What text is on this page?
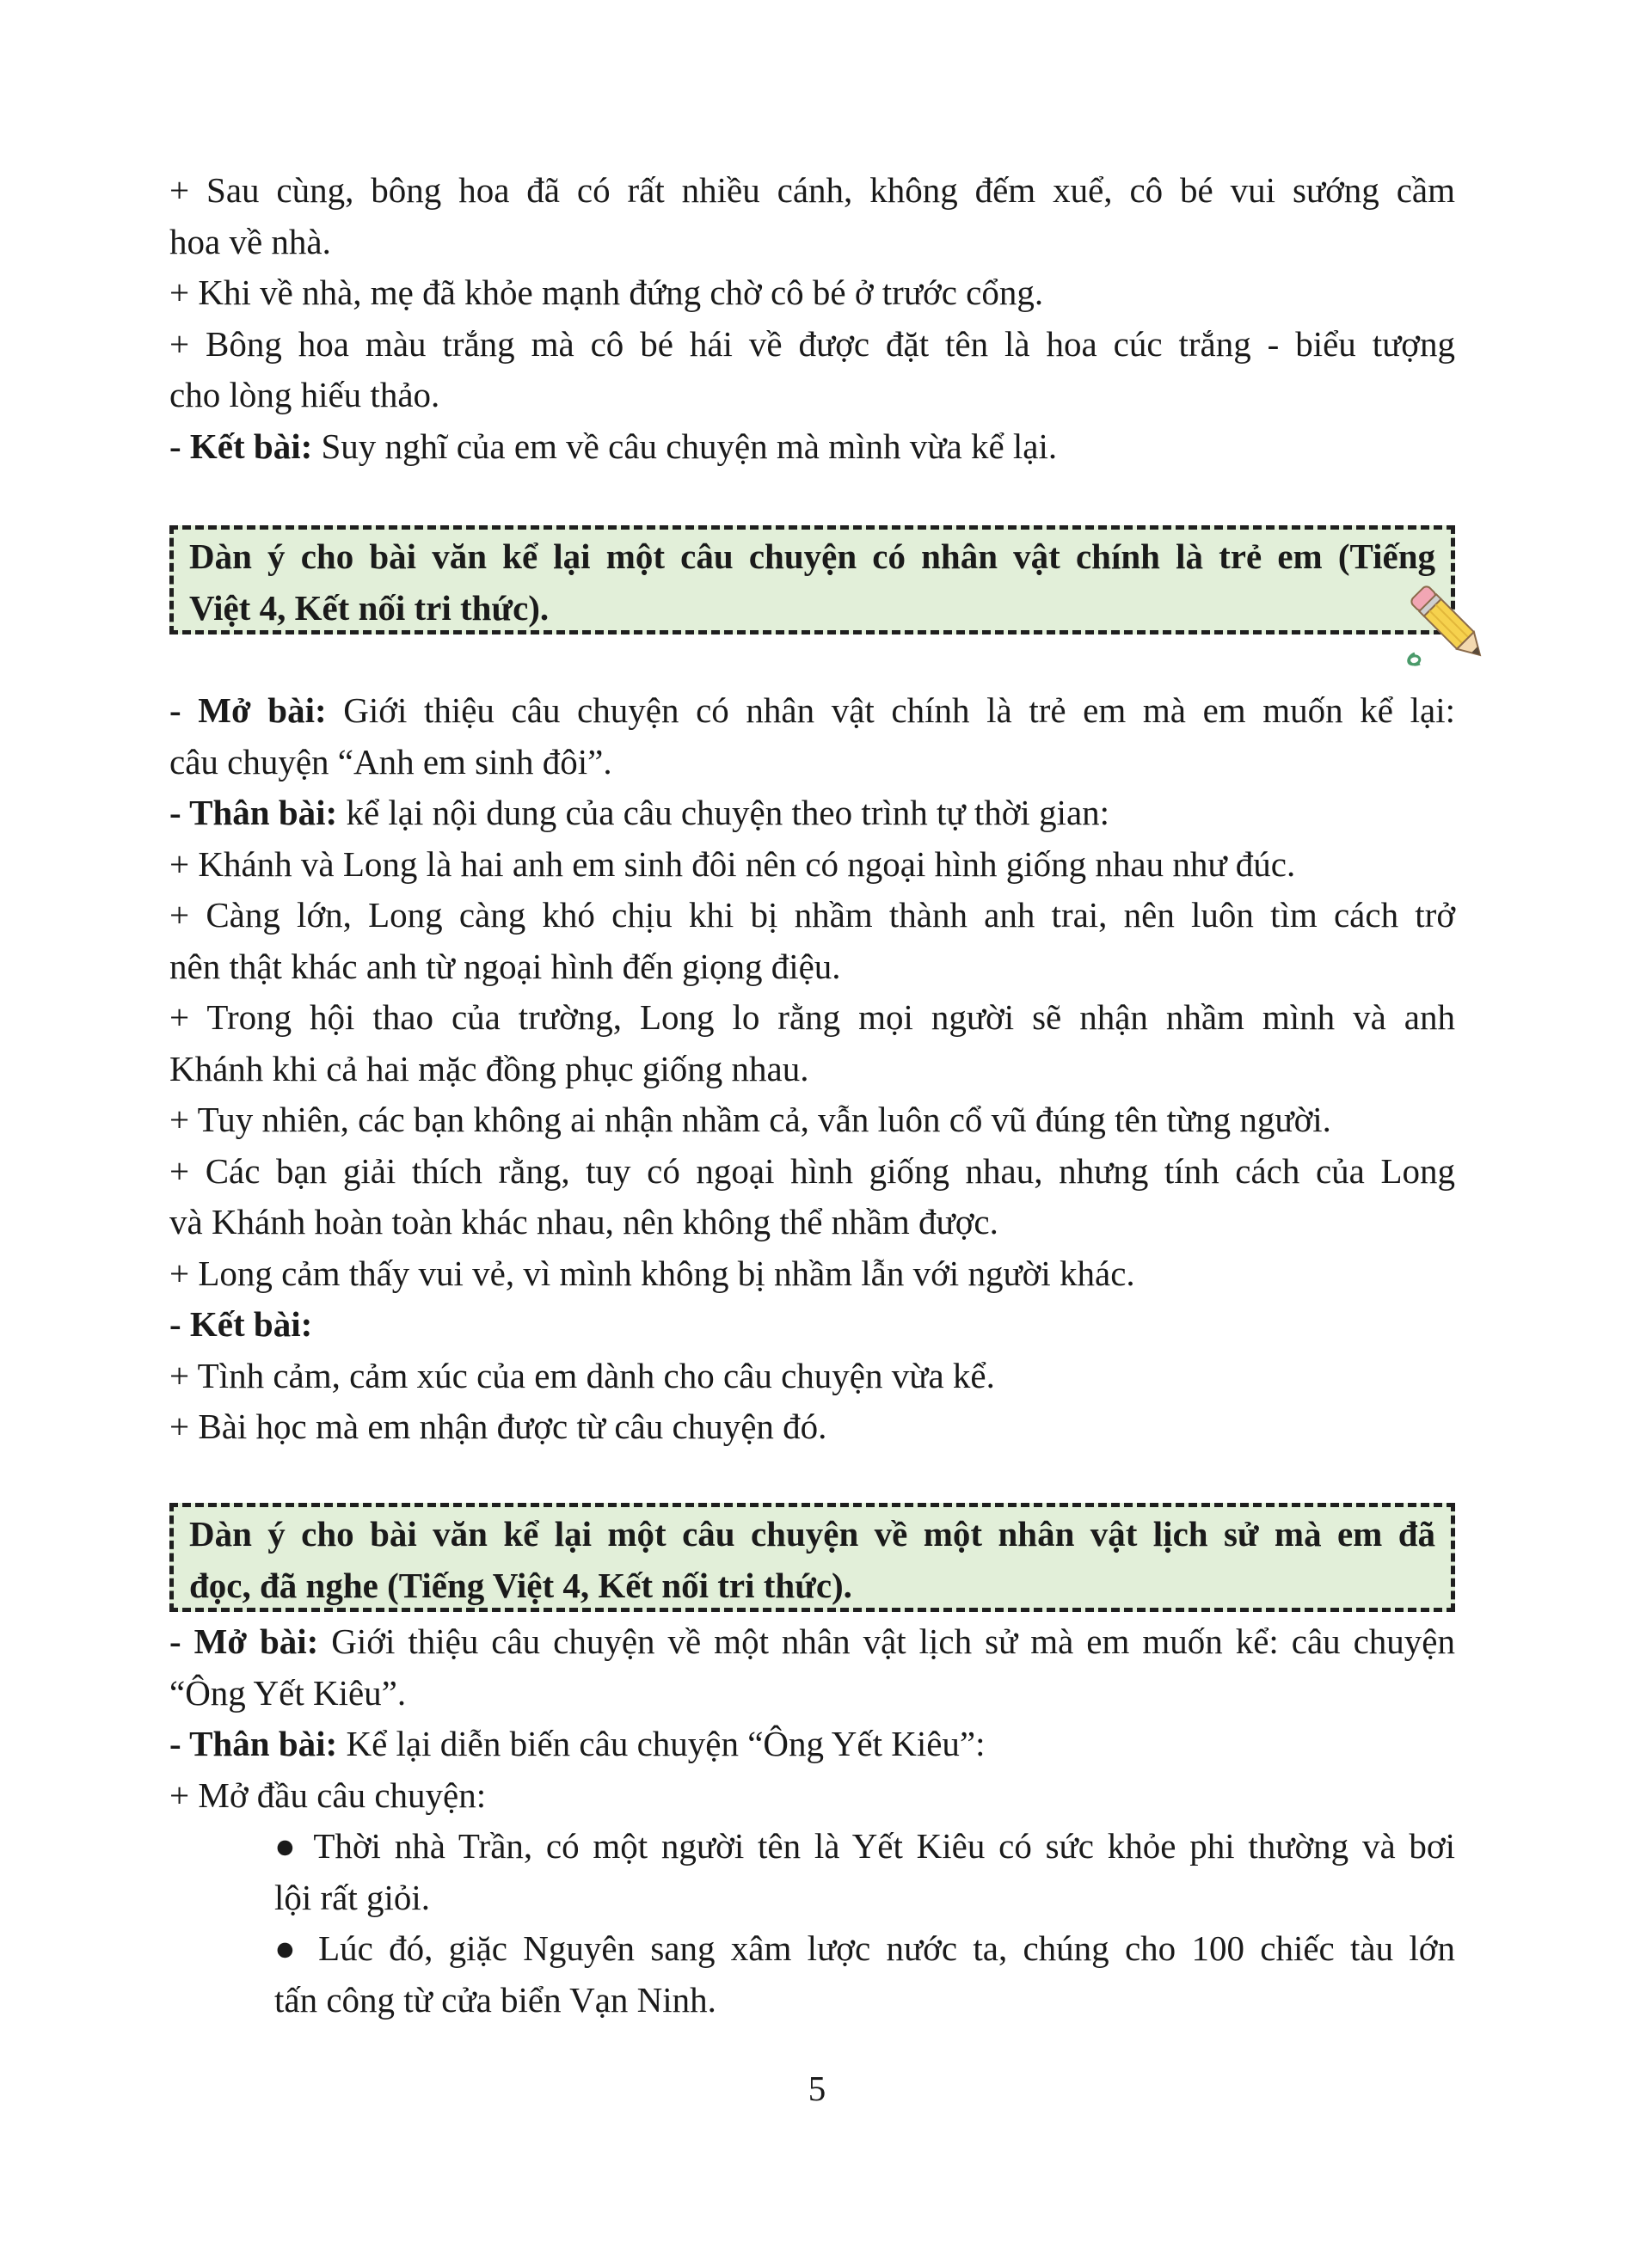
+ Sau cùng, bông hoa đã có rất nhiều cánh, không đếm xuể, cô bé vui sướng cầm
hoa về nhà.
+ Khi về nhà, mẹ đã khỏe mạnh đứng chờ cô bé ở trước cổng.
+ Bông hoa màu trắng mà cô bé hái về được đặt tên là hoa cúc trắng - biểu tượng
cho lòng hiếu thảo.
- Kết bài: Suy nghĩ của em về câu chuyện mà mình vừa kể lại.
Dàn ý cho bài văn kể lại một câu chuyện có nhân vật chính là trẻ em (Tiếng
Việt 4, Kết nối tri thức).
- Mở bài: Giới thiệu câu chuyện có nhân vật chính là trẻ em mà em muốn kể lại:
câu chuyện “Anh em sinh đôi”.
- Thân bài: kể lại nội dung của câu chuyện theo trình tự thời gian:
+ Khánh và Long là hai anh em sinh đôi nên có ngoại hình giống nhau như đúc.
+ Càng lớn, Long càng khó chịu khi bị nhầm thành anh trai, nên luôn tìm cách trở
nên thật khác anh từ ngoại hình đến giọng điệu.
+ Trong hội thao của trường, Long lo rằng mọi người sẽ nhận nhầm mình và anh
Khánh khi cả hai mặc đồng phục giống nhau.
+ Tuy nhiên, các bạn không ai nhận nhầm cả, vẫn luôn cổ vũ đúng tên từng người.
+ Các bạn giải thích rằng, tuy có ngoại hình giống nhau, nhưng tính cách của Long
và Khánh hoàn toàn khác nhau, nên không thể nhầm được.
+ Long cảm thấy vui vẻ, vì mình không bị nhầm lẫn với người khác.
- Kết bài:
+ Tình cảm, cảm xúc của em dành cho câu chuyện vừa kể.
+ Bài học mà em nhận được từ câu chuyện đó.
Dàn ý cho bài văn kể lại một câu chuyện về một nhân vật lịch sử mà em đã
đọc, đã nghe (Tiếng Việt 4, Kết nối tri thức).
- Mở bài: Giới thiệu câu chuyện về một nhân vật lịch sử mà em muốn kể: câu chuyện
“Ông Yết Kiêu”.
- Thân bài: Kể lại diễn biến câu chuyện “Ông Yết Kiêu”:
+ Mở đầu câu chuyện:
● Thời nhà Trần, có một người tên là Yết Kiêu có sức khỏe phi thường và bơi
lội rất giỏi.
● Lúc đó, giặc Nguyên sang xâm lược nước ta, chúng cho 100 chiếc tàu lớn
tấn công từ cửa biển Vạn Ninh.
5
